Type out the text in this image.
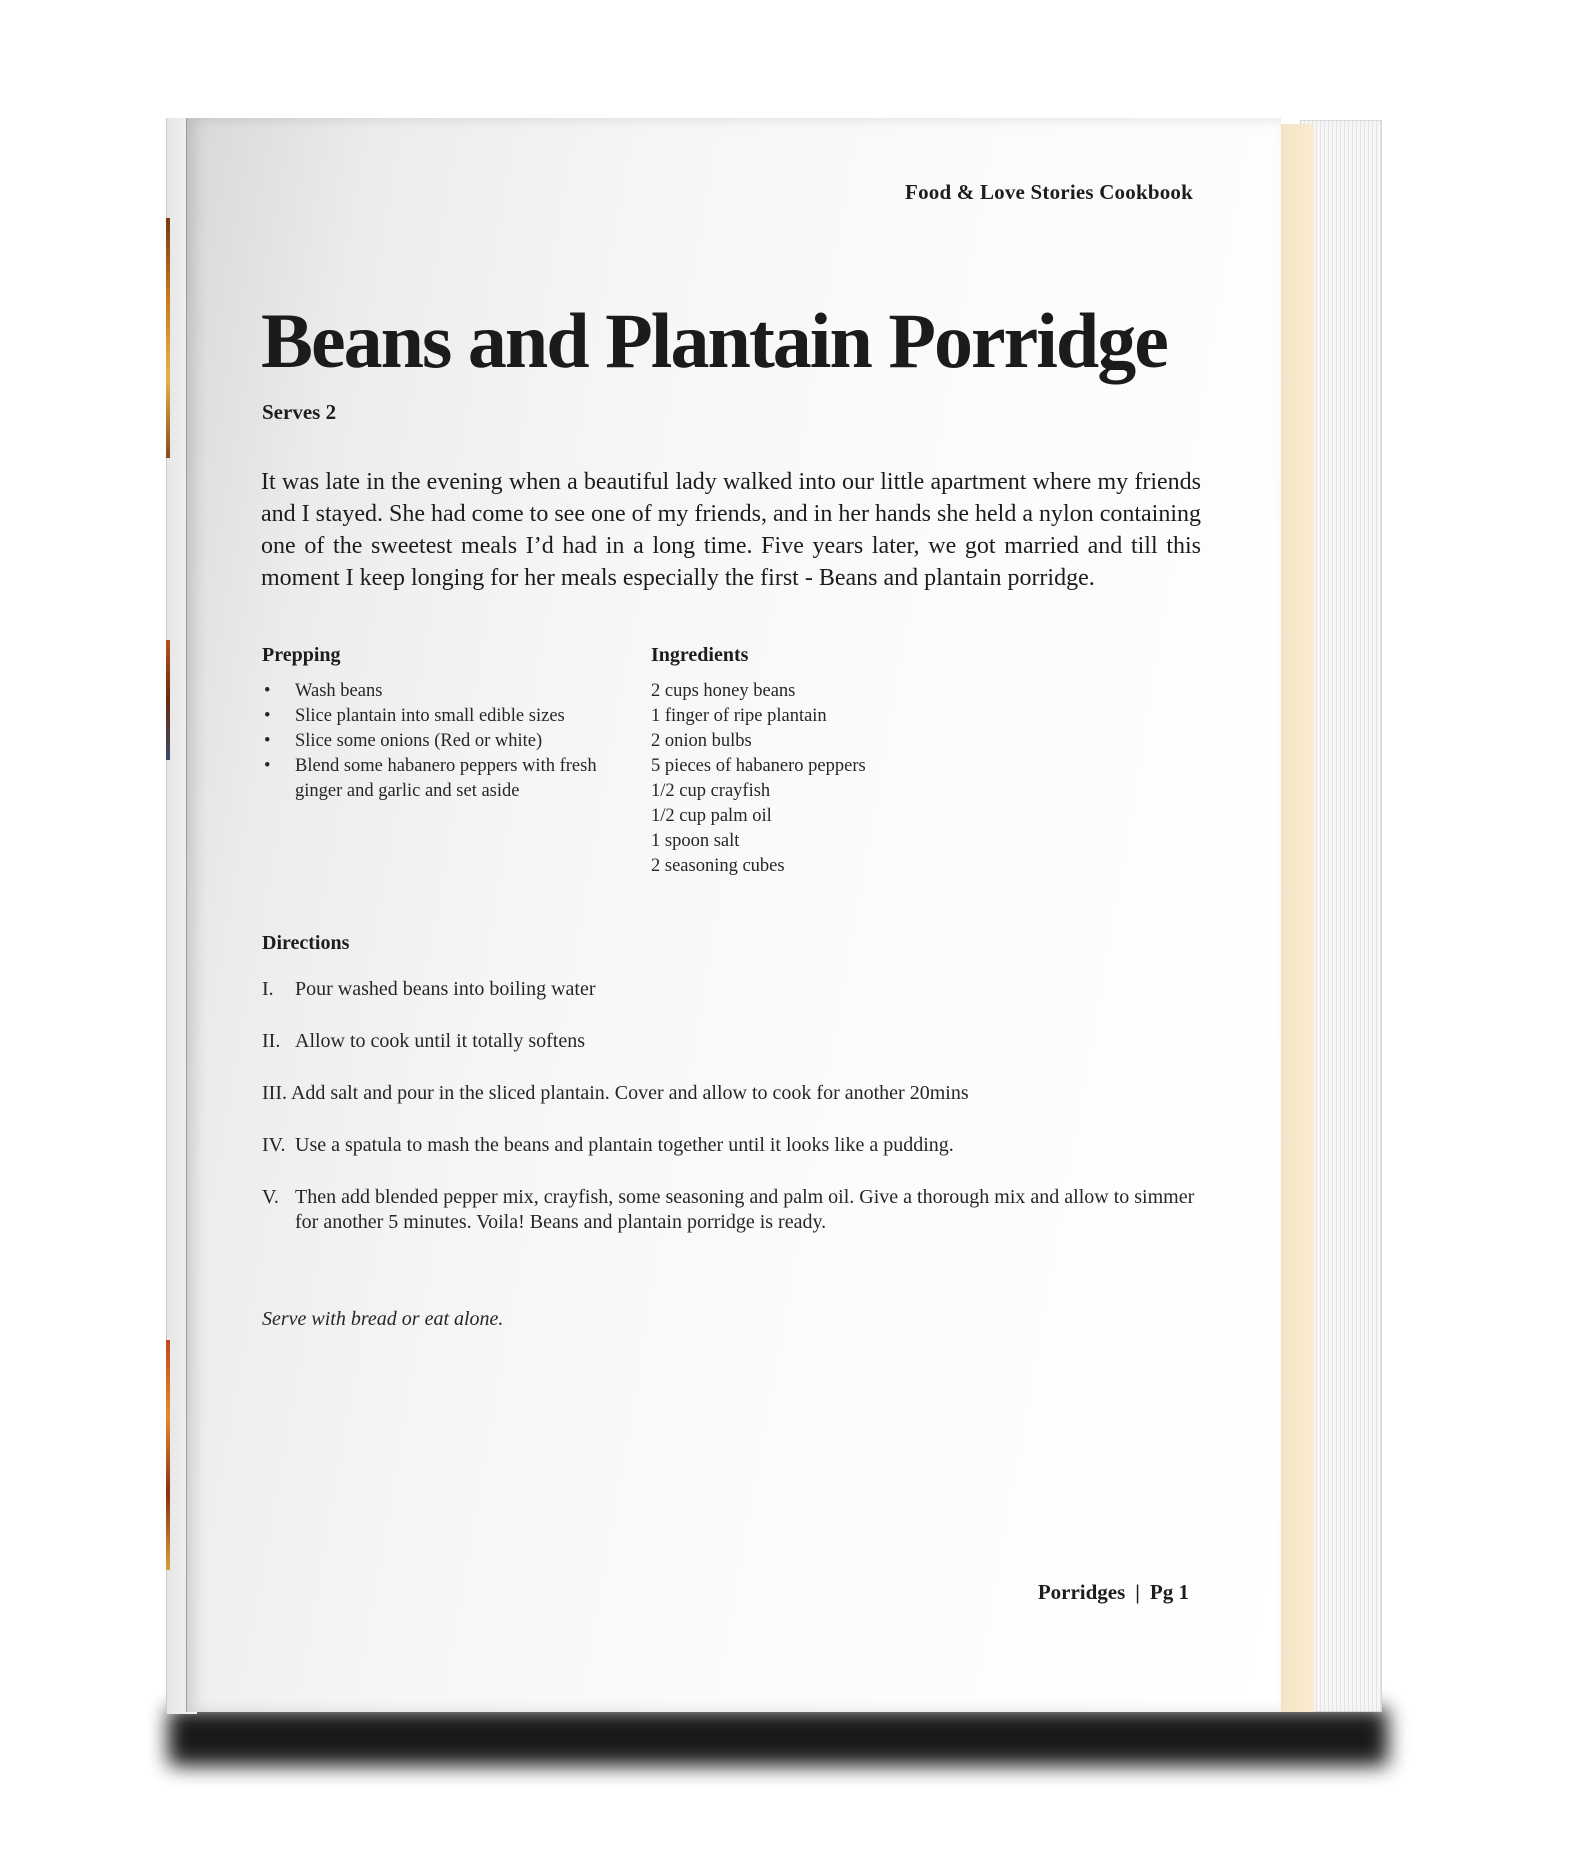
Food & Love Stories Cookbook
Beans and Plantain Porridge
Serves 2

It was late in the evening when a beautiful lady walked into our little apartment where my friends and I stayed. She had come to see one of my friends, and in her hands she held a nylon containing one of the sweetest meals I’d had in a long time. Five years later, we got married and till this moment I keep longing for her meals especially the first - Beans and plantain porridge.

Prepping
• Wash beans
• Slice plantain into small edible sizes
• Slice some onions (Red or white)
• Blend some habanero peppers with fresh ginger and garlic and set aside
Ingredients
2 cups honey beans
1 finger of ripe plantain
2 onion bulbs
5 pieces of habanero peppers
1/2 cup crayfish
1/2 cup palm oil
1 spoon salt
2 seasoning cubes
Directions
I.	Pour washed beans into boiling water
II. Allow to cook until it totally softens
III. Add salt and pour in the sliced plantain. Cover and allow to cook for another 20mins
IV. Use a spatula to mash the beans and plantain together until it looks like a pudding.
V. Then add blended pepper mix, crayfish, some seasoning and palm oil. Give a thorough mix and allow to simmer for another 5 minutes. Voila! Beans and plantain porridge is ready.
Serve with bread or eat alone.
Porridges | Pg 1
